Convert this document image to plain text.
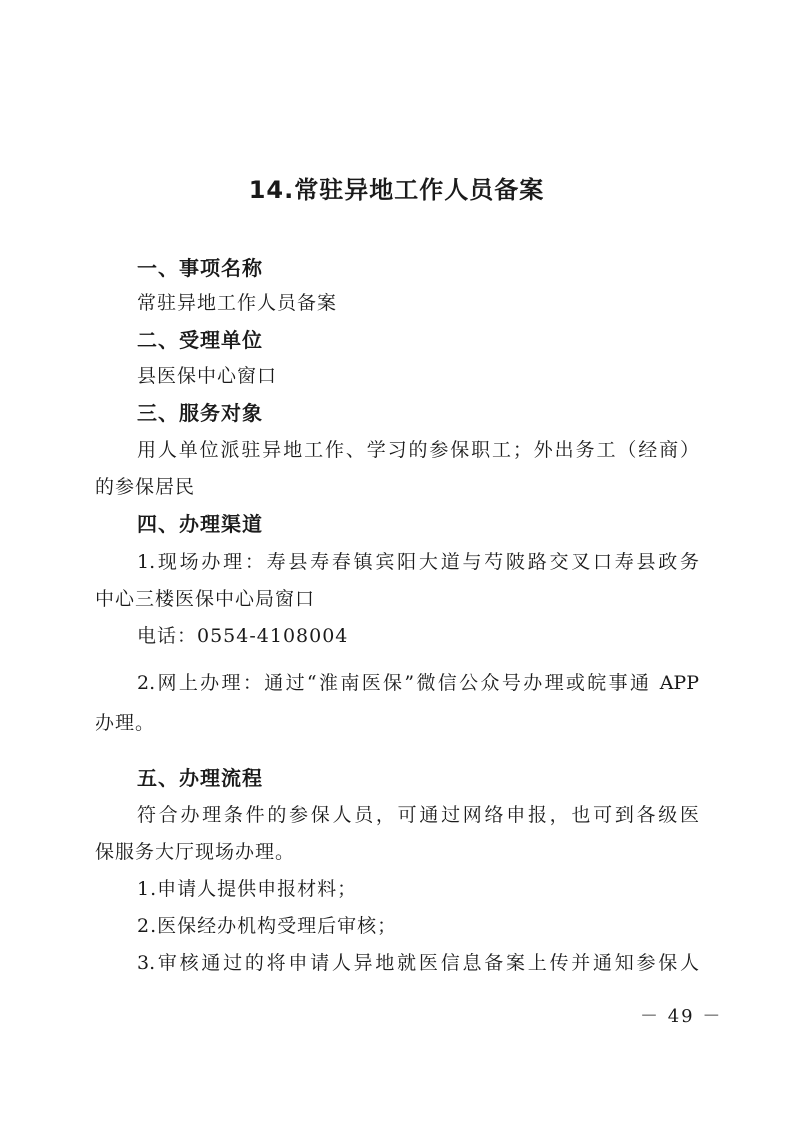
14.常驻异地工作人员备案
一、事项名称
常驻异地工作人员备案
二、受理单位
县医保中心窗口
三、服务对象
用人单位派驻异地工作、学习的参保职工；外出务工（经商）
的参保居民
四、办理渠道
1.现场办理：寿县寿春镇宾阳大道与芍陂路交叉口寿县政务
中心三楼医保中心局窗口
电话：0554-4108004
2.网上办理：通过“淮南医保”微信公众号办理或皖事通 APP
办理。
五、办理流程
符合办理条件的参保人员，可通过网络申报，也可到各级医
保服务大厅现场办理。
1.申请人提供申报材料；
2.医保经办机构受理后审核；
3.审核通过的将申请人异地就医信息备案上传并通知参保人
－ 49 －
